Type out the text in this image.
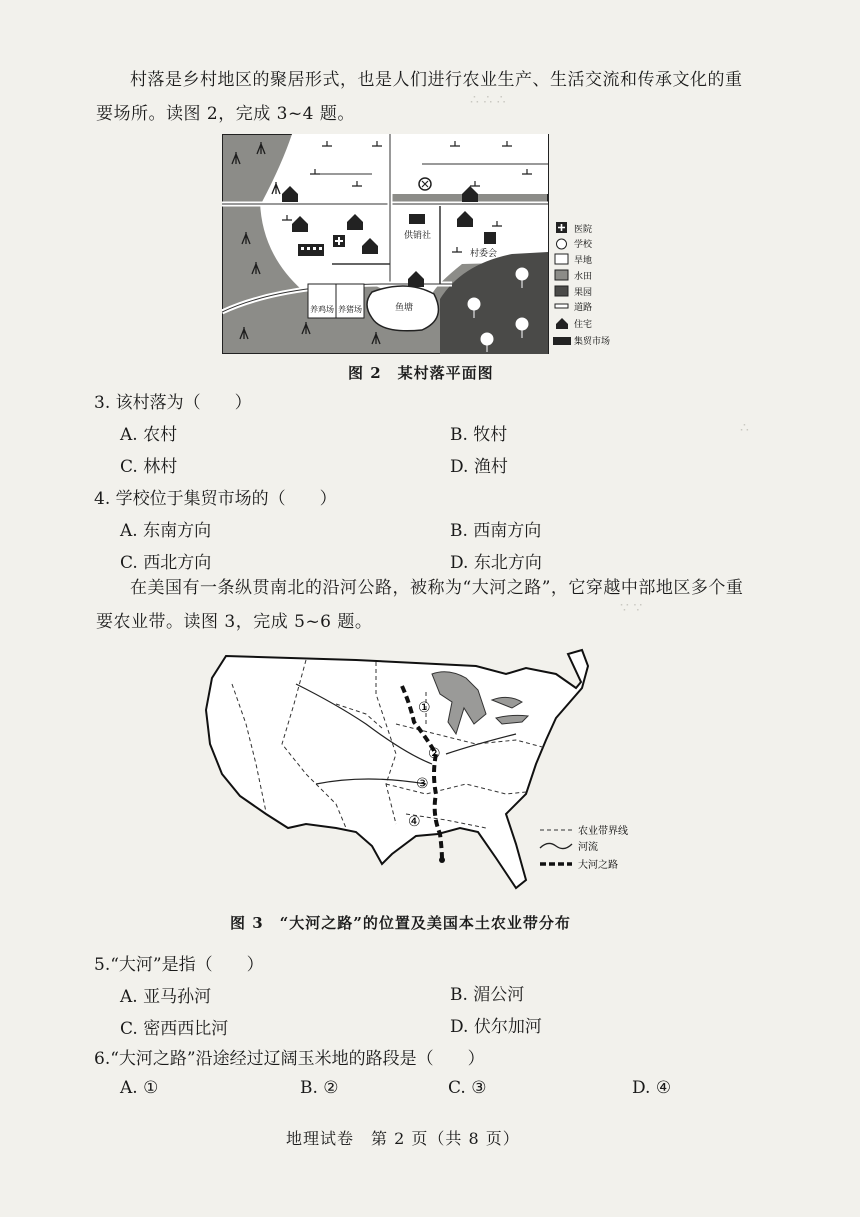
∴ ∴ ∴
∵ ∵
∴
村落是乡村地区的聚居形式，也是人们进行农业生产、生活交流和传承文化的重
要场所。读图 2，完成 3~4 题。
供销社
村委会
养鸡场 养猪场	鱼塘
医院
学校
旱地
水田
果园
道路
住宅
集贸市场
图 2　某村落平面图
3. 该村落为（　　）
A. 农村	B. 牧村
C. 林村	D. 渔村
4. 学校位于集贸市场的（　　）
A. 东南方向	B. 西南方向
C. 西北方向	D. 东北方向
在美国有一条纵贯南北的沿河公路，被称为“大河之路”，它穿越中部地区多个重
要农业带。读图 3，完成 5~6 题。
①
②
③
④
农业带界线
河流
大河之路
图 3　“大河之路”的位置及美国本土农业带分布
5.“大河”是指（　　）
A. 亚马孙河	B. 湄公河
C. 密西西比河	D. 伏尔加河
6.“大河之路”沿途经过辽阔玉米地的路段是（　　）
A. ①	B. ②	C. ③	D. ④
地理试卷　第 2 页（共 8 页）
